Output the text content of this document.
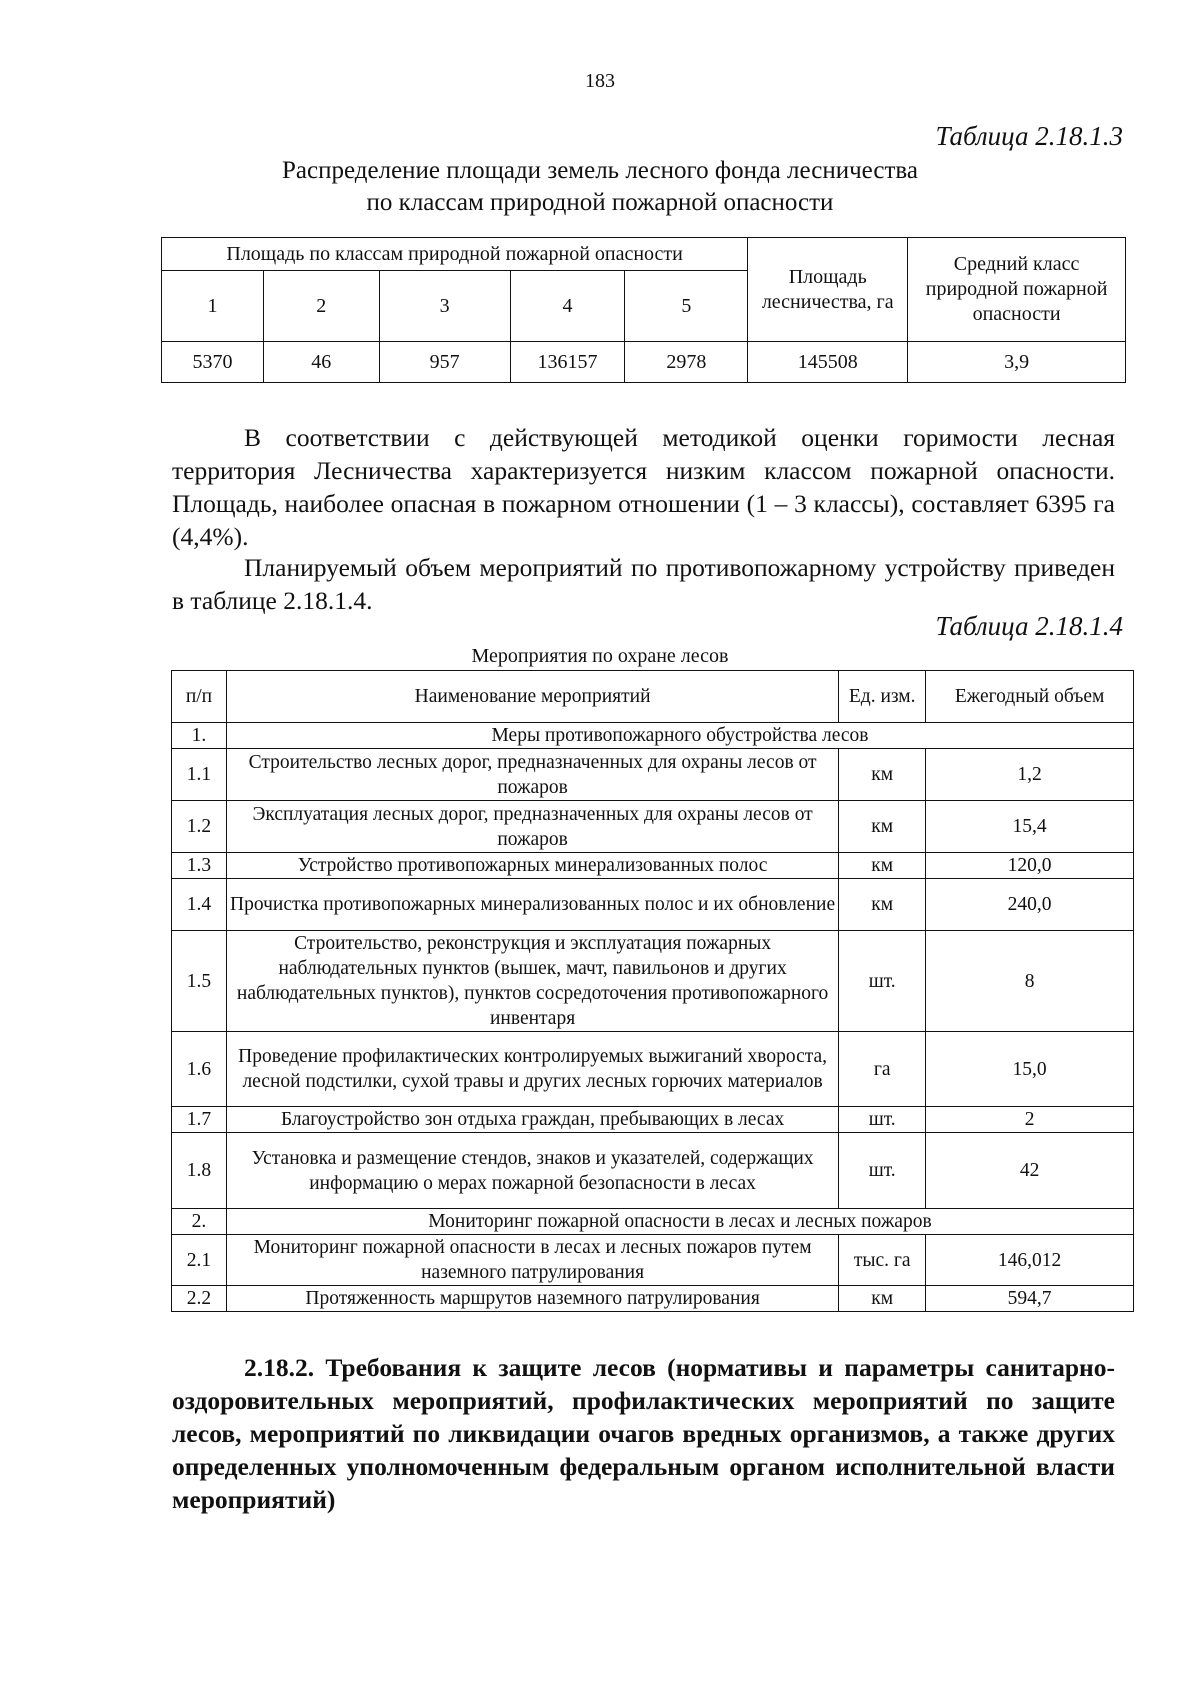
183
Таблица 2.18.1.3
Распределение площади земель лесного фонда лесничества
по классам природной пожарной опасности
Площадь по классам природной пожарной опасности					Площадь лесничества, га	Средний класс природной пожарной опасности
1	2	3	4	5		
5370	46	957	136157	2978	145508	3,9

В соответствии с действующей методикой оценки горимости лесная территория Лесничества характеризуется низким классом пожарной опасности. Площадь, наиболее опасная в пожарном отношении (1 – 3 классы), составляет 6395 га (4,4%).

Планируемый объем мероприятий по противопожарному устройству приведен в таблице 2.18.1.4.

Таблица 2.18.1.4
Мероприятия по охране лесов
п/п	Наименование мероприятий	Ед. изм.	Ежегодный объем
1.	Меры противопожарного обустройства лесов		
1.1	Строительство лесных дорог, предназначенных для охраны лесов от пожаров	км	1,2
1.2	Эксплуатация лесных дорог, предназначенных для охраны лесов от пожаров	км	15,4
1.3	Устройство противопожарных минерализованных полос	км	120,0
1.4	Прочистка противопожарных минерализованных полос и их обновление	км	240,0
1.5	Строительство, реконструкция и эксплуатация пожарных наблюдательных пунктов (вышек, мачт, павильонов и других наблюдательных пунктов), пунктов сосредоточения противопожарного инвентаря	шт.	8
1.6	Проведение профилактических контролируемых выжиганий хвороста, лесной подстилки, сухой травы и других лесных горючих материалов	га	15,0
1.7	Благоустройство зон отдыха граждан, пребывающих в лесах	шт.	2
1.8	Установка и размещение стендов, знаков и указателей, содержащих информацию о мерах пожарной безопасности в лесах	шт.	42
2.	Мониторинг пожарной опасности в лесах и лесных пожаров		
2.1	Мониторинг пожарной опасности в лесах и лесных пожаров путем наземного патрулирования	тыс. га	146,012
2.2	Протяженность маршрутов наземного патрулирования	км	594,7

2.18.2. Требования к защите лесов (нормативы и параметры санитарно-оздоровительных мероприятий, профилактических мероприятий по защите лесов, мероприятий по ликвидации очагов вредных организмов, а также других определенных уполномоченным федеральным органом исполнительной власти мероприятий)
